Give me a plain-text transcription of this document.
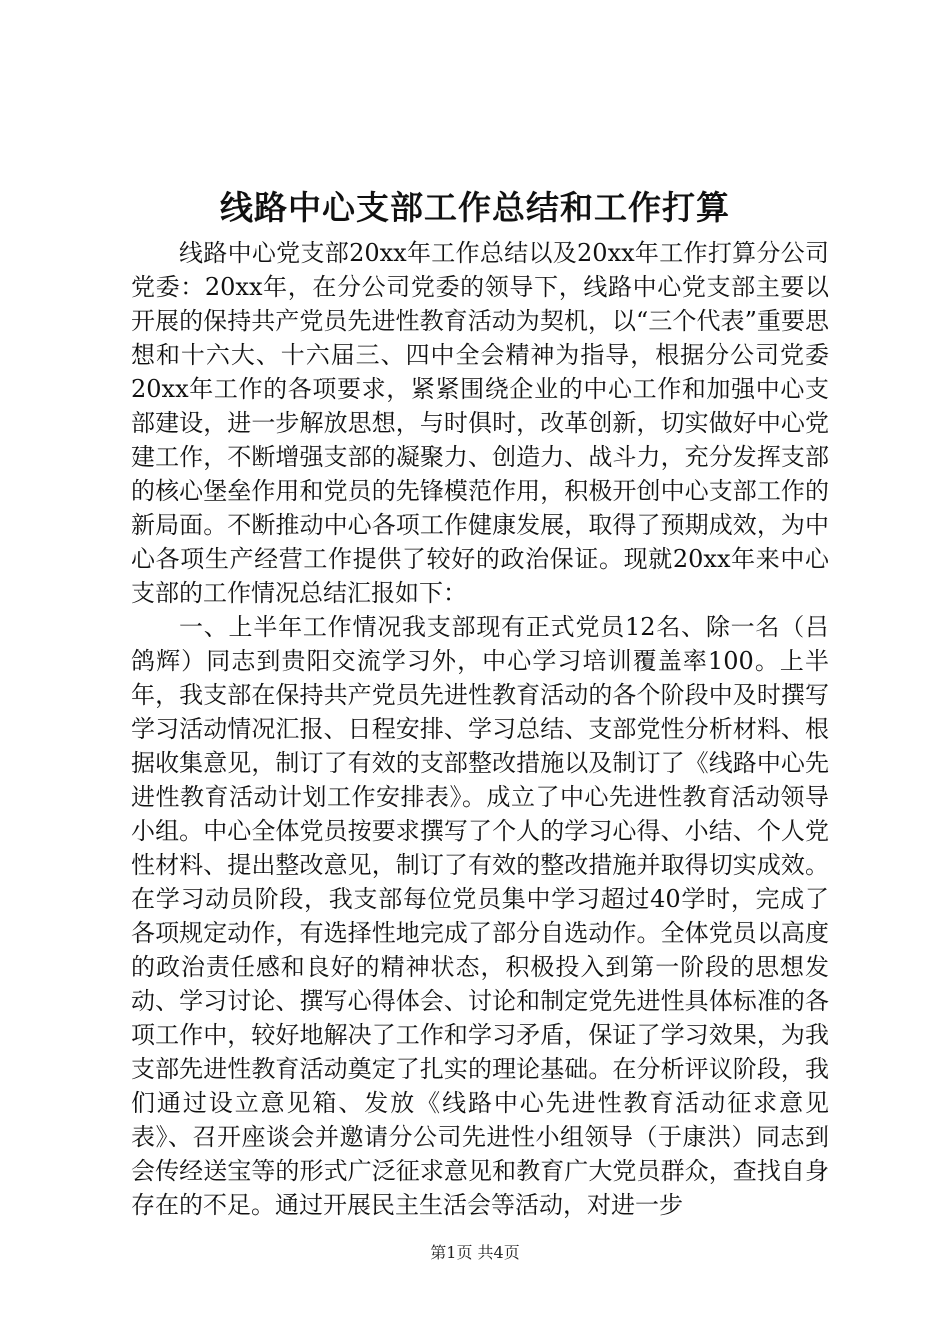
线路中心支部工作总结和工作打算

线路中心党支部20xx年工作总结以及20xx年工作打算分公司党委：20xx年，在分公司党委的领导下，线路中心党支部主要以开展的保持共产党员先进性教育活动为契机，以“三个代表”重要思想和十六大、十六届三、四中全会精神为指导，根据分公司党委20xx年工作的各项要求，紧紧围绕企业的中心工作和加强中心支部建设，进一步解放思想，与时俱时，改革创新，切实做好中心党建工作，不断增强支部的凝聚力、创造力、战斗力，充分发挥支部的核心堡垒作用和党员的先锋模范作用，积极开创中心支部工作的新局面。不断推动中心各项工作健康发展，取得了预期成效，为中心各项生产经营工作提供了较好的政治保证。现就20xx年来中心支部的工作情况总结汇报如下：

一、上半年工作情况我支部现有正式党员12名、除一名（吕鸽辉）同志到贵阳交流学习外，中心学习培训覆盖率100。上半年，我支部在保持共产党员先进性教育活动的各个阶段中及时撰写学习活动情况汇报、日程安排、学习总结、支部党性分析材料、根据收集意见，制订了有效的支部整改措施以及制订了《线路中心先进性教育活动计划工作安排表》。成立了中心先进性教育活动领导小组。中心全体党员按要求撰写了个人的学习心得、小结、个人党性材料、提出整改意见，制订了有效的整改措施并取得切实成效。在学习动员阶段，我支部每位党员集中学习超过40学时，完成了各项规定动作，有选择性地完成了部分自选动作。全体党员以高度的政治责任感和良好的精神状态，积极投入到第一阶段的思想发动、学习讨论、撰写心得体会、讨论和制定党先进性具体标准的各项工作中，较好地解决了工作和学习矛盾，保证了学习效果，为我支部先进性教育活动奠定了扎实的理论基础。在分析评议阶段，我们通过设立意见箱、发放《线路中心先进性教育活动征求意见表》、召开座谈会并邀请分公司先进性小组领导（于康洪）同志到会传经送宝等的形式广泛征求意见和教育广大党员群众，查找自身存在的不足。通过开展民主生活会等活动，对进一步

第1页 共4页
